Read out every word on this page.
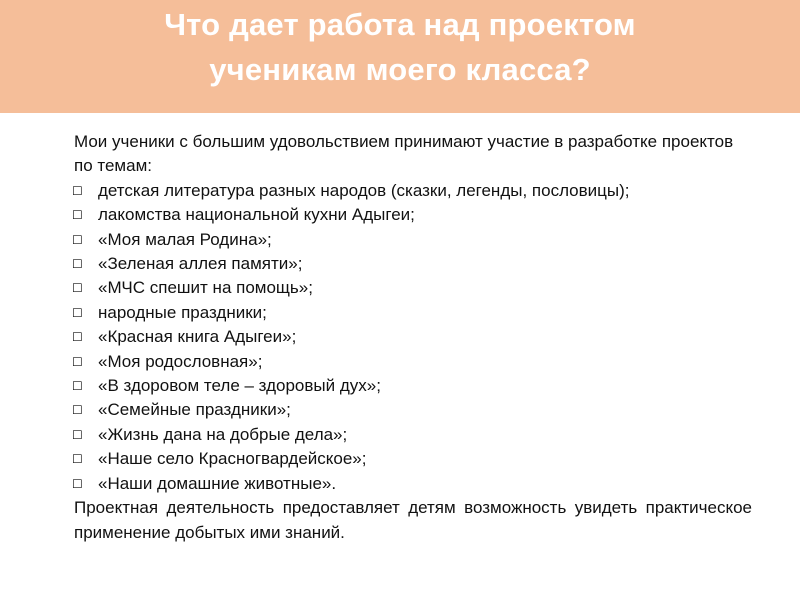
Что дает работа над проектом
ученикам моего класса?

Мои ученики с большим удовольствием принимают участие в разработке проектов по темам:

☐ детская литература разных народов (сказки, легенды, пословицы);
☐ лакомства национальной кухни Адыгеи;
☐ «Моя малая Родина»;
☐ «Зеленая аллея памяти»;
☐ «МЧС спешит на помощь»;
☐ народные праздники;
☐ «Красная книга Адыгеи»;
☐ «Моя родословная»;
☐ «В здоровом теле – здоровый дух»;
☐ «Семейные праздники»;
☐ «Жизнь дана на добрые дела»;
☐ «Наше село Красногвардейское»;
☐ «Наши домашние животные».

Проектная деятельность предоставляет детям возможность увидеть практическое применение добытых ими знаний.
